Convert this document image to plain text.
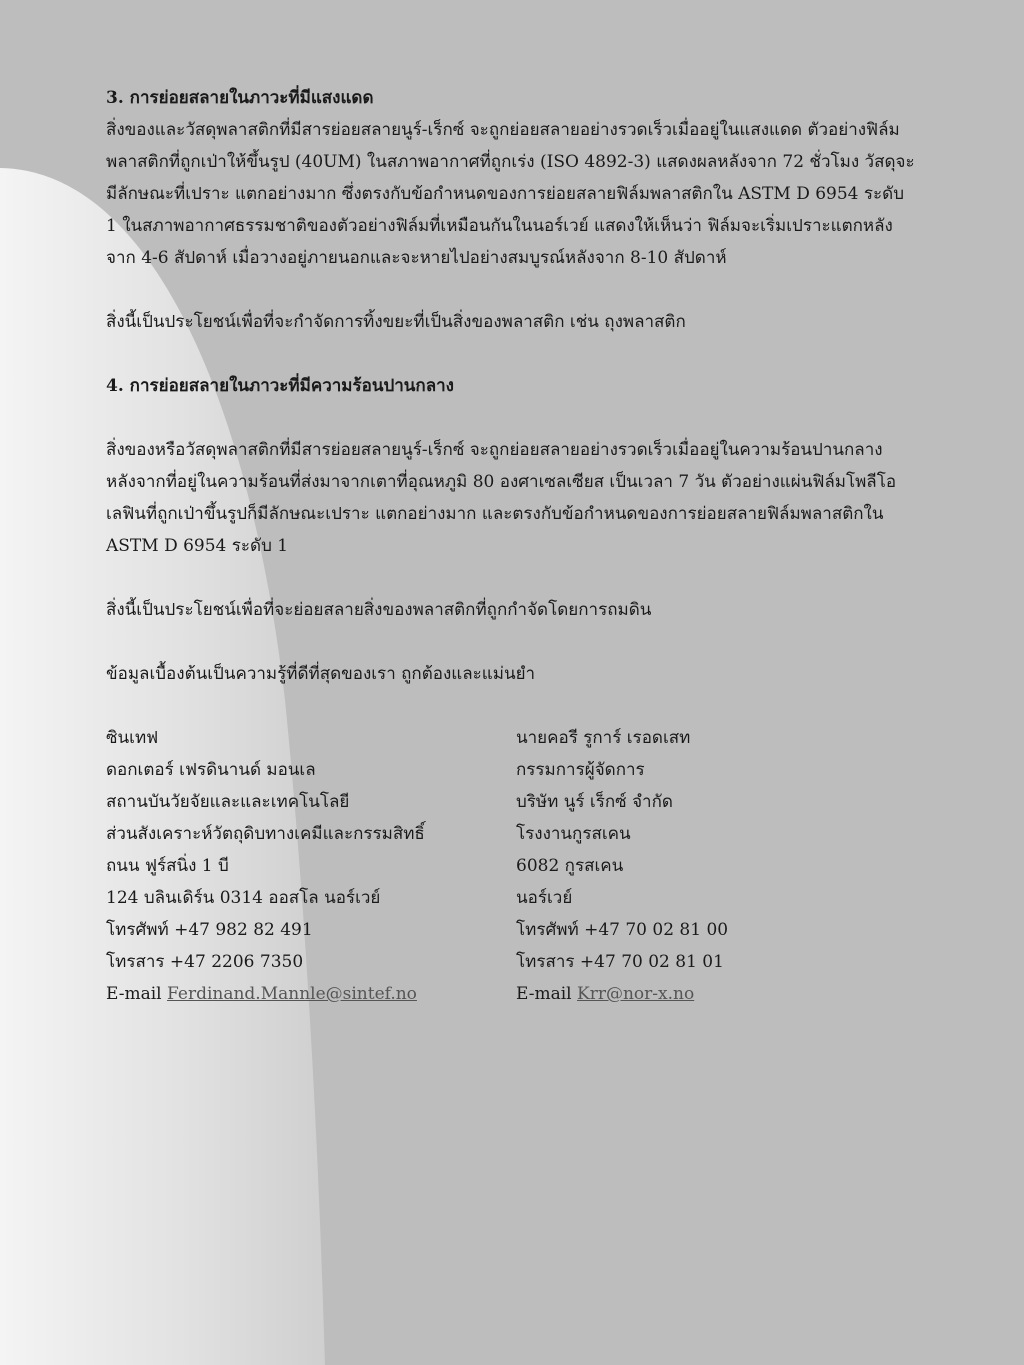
3. การย่อยสลายในภาวะที่มีแสงแดด

สิ่งของและวัสดุพลาสติกที่มีสารย่อยสลายนูร์-เร็กซ์ จะถูกย่อยสลายอย่างรวดเร็วเมื่ออยู่ในแสงแดด ตัวอย่างฟิล์มพลาสติกที่ถูกเป่าให้ขึ้นรูป (40UM) ในสภาพอากาศที่ถูกเร่ง (ISO 4892-3) แสดงผลหลังจาก 72 ชั่วโมง วัสดุจะมีลักษณะที่เปราะ แตกอย่างมาก ซึ่งตรงกับข้อกำหนดของการย่อยสลายฟิล์มพลาสติกใน ASTM D 6954 ระดับ 1 ในสภาพอากาศธรรมชาติของตัวอย่างฟิล์มที่เหมือนกันในนอร์เวย์ แสดงให้เห็นว่า ฟิล์มจะเริ่มเปราะแตกหลังจาก 4-6 สัปดาห์ เมื่อวางอยู่ภายนอกและจะหายไปอย่างสมบูรณ์หลังจาก 8-10 สัปดาห์

สิ่งนี้เป็นประโยชน์เพื่อที่จะกำจัดการทิ้งขยะที่เป็นสิ่งของพลาสติก เช่น ถุงพลาสติก

4. การย่อยสลายในภาวะที่มีความร้อนปานกลาง

สิ่งของหรือวัสดุพลาสติกที่มีสารย่อยสลายนูร์-เร็กซ์ จะถูกย่อยสลายอย่างรวดเร็วเมื่ออยู่ในความร้อนปานกลาง หลังจากที่อยู่ในความร้อนที่ส่งมาจากเตาที่อุณหภูมิ 80 องศาเซลเซียส เป็นเวลา 7 วัน ตัวอย่างแผ่นฟิล์มโพลีโอเลฟินที่ถูกเป่าขึ้นรูปก็มีลักษณะเปราะ แตกอย่างมาก และตรงกับข้อกำหนดของการย่อยสลายฟิล์มพลาสติกใน ASTM D 6954 ระดับ 1

สิ่งนี้เป็นประโยชน์เพื่อที่จะย่อยสลายสิ่งของพลาสติกที่ถูกกำจัดโดยการถมดิน

ข้อมูลเบื้องต้นเป็นความรู้ที่ดีที่สุดของเรา ถูกต้องและแม่นยำ

ซินเทฟ

ดอกเตอร์ เฟรดินานด์ มอนเล

สถานบันวัยจัยและและเทคโนโลยี

ส่วนสังเคราะห์วัตถุดิบทางเคมีและกรรมสิทธิ์

ถนน ฟูร์สนิ่ง 1 บี

124 บลินเดิร์น 0314 ออสโล นอร์เวย์

โทรศัพท์ +47 982 82 491

โทรสาร +47 2206 7350

E-mail Ferdinand.Mannle@sintef.no

นายคอรี รูการ์ เรอดเสท

กรรมการผู้จัดการ

บริษัท นูร์ เร็กซ์ จำกัด

โรงงานกูรสเคน

6082 กูรสเคน

นอร์เวย์

โทรศัพท์ +47 70 02 81 00

โทรสาร +47 70 02 81 01

E-mail Krr@nor-x.no
